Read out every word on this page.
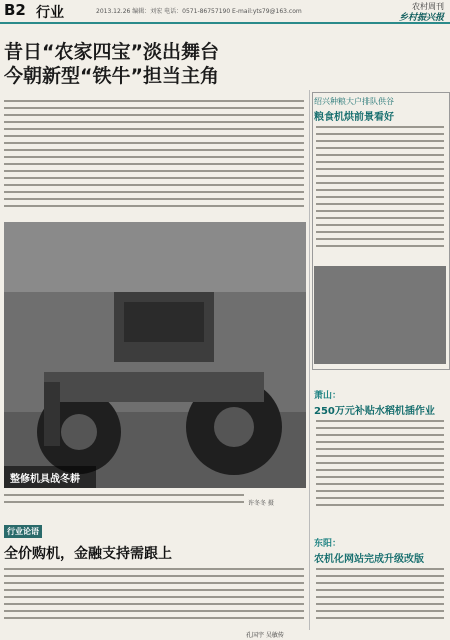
B2 行业	2013.12.26 编辑：刘宏 电话：0571-86757190 E-mail:yts79@163.com
农村周刊
乡村振兴报
昔日“农家四宝”淡出舞台
今朝新型“铁牛”担当主角
整修机具战冬耕
许冬冬 摄
行业论语
全价购机，金融支持需跟上
孔国宇 吴敏传
绍兴种粮大户排队供谷
粮食机烘前景看好
萧山：
250万元补贴水稻机插作业
东阳：
农机化网站完成升级改版
